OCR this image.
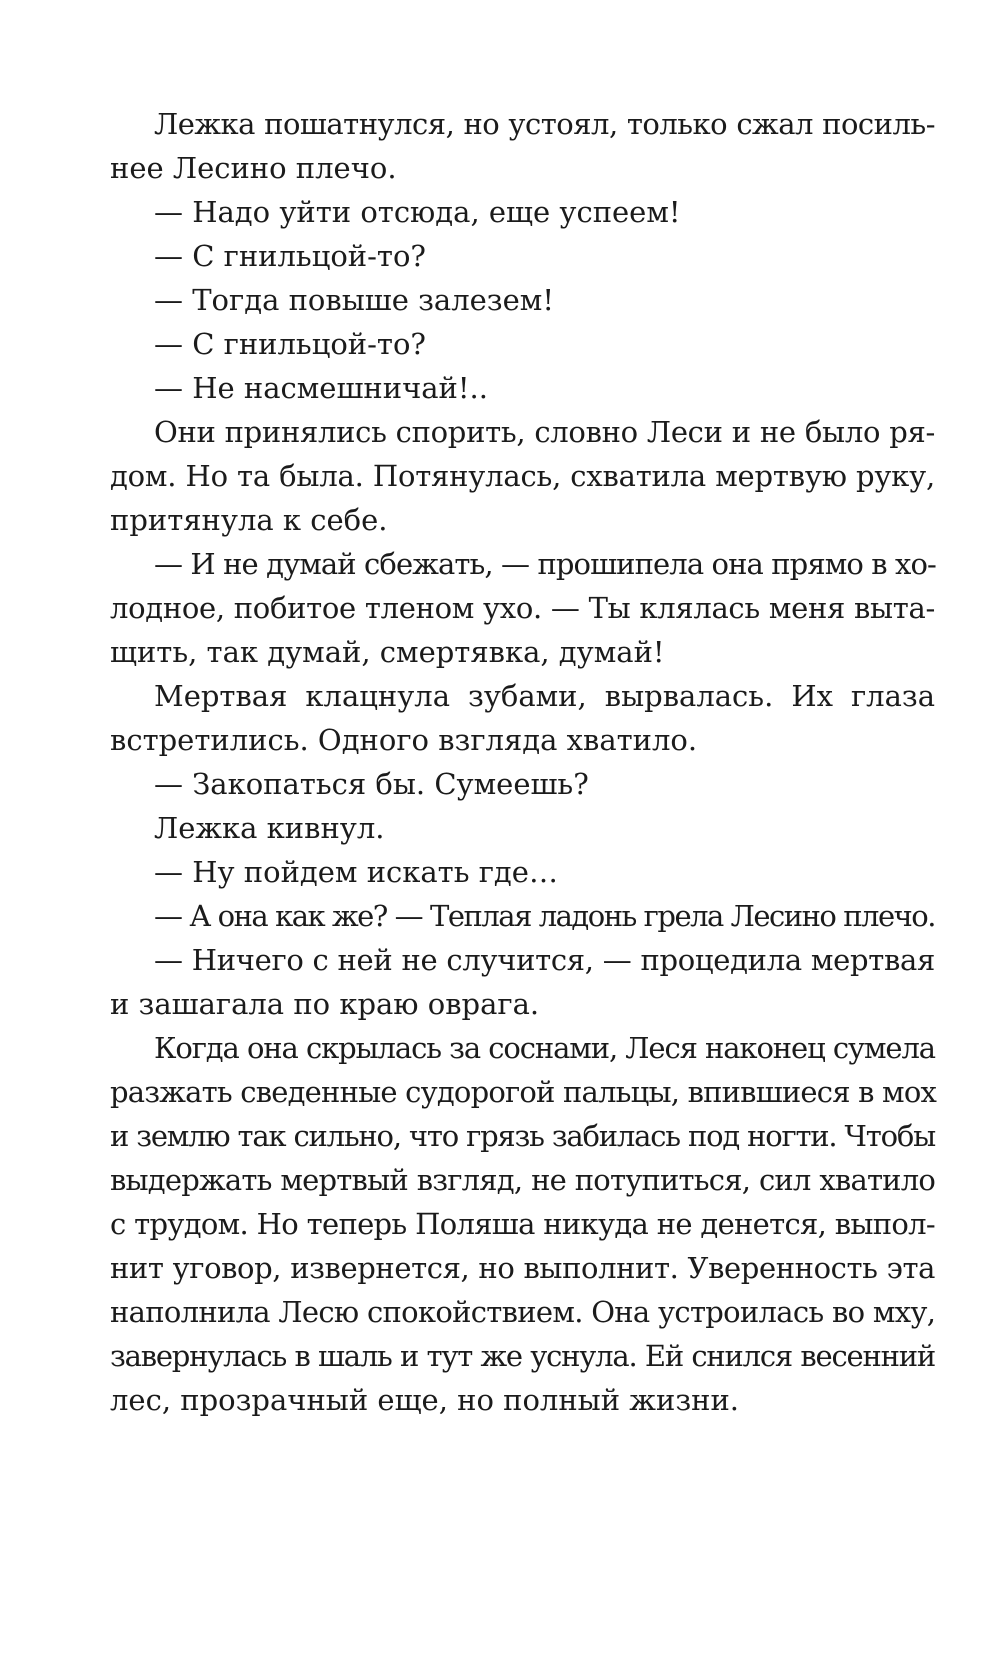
Лежка пошатнулся, но устоял, только сжал посиль-
нее Лесино плечо.
— Надо уйти отсюда, еще успеем!
— С гнильцой-то?
— Тогда повыше залезем!
— С гнильцой-то?
— Не насмешничай!..
Они принялись спорить, словно Леси и не было ря-
дом. Но та была. Потянулась, схватила мертвую руку,
притянула к себе.
— И не думай сбежать, — прошипела она прямо в хо-
лодное, побитое тленом ухо. — Ты клялась меня выта-
щить, так думай, смертявка, думай!
Мертвая клацнула зубами, вырвалась. Их глаза
встретились. Одного взгляда хватило.
— Закопаться бы. Сумеешь?
Лежка кивнул.
— Ну пойдем искать где…
— А она как же? — Теплая ладонь грела Лесино плечо.
— Ничего с ней не случится, — процедила мертвая
и зашагала по краю оврага.
Когда она скрылась за соснами, Леся наконец сумела
разжать сведенные судорогой пальцы, впившиеся в мох
и землю так сильно, что грязь забилась под ногти. Чтобы
выдержать мертвый взгляд, не потупиться, сил хватило
с трудом. Но теперь Поляша никуда не денется, выпол-
нит уговор, извернется, но выполнит. Уверенность эта
наполнила Лесю спокойствием. Она устроилась во мху,
завернулась в шаль и тут же уснула. Ей снился весенний
лес, прозрачный еще, но полный жизни.
